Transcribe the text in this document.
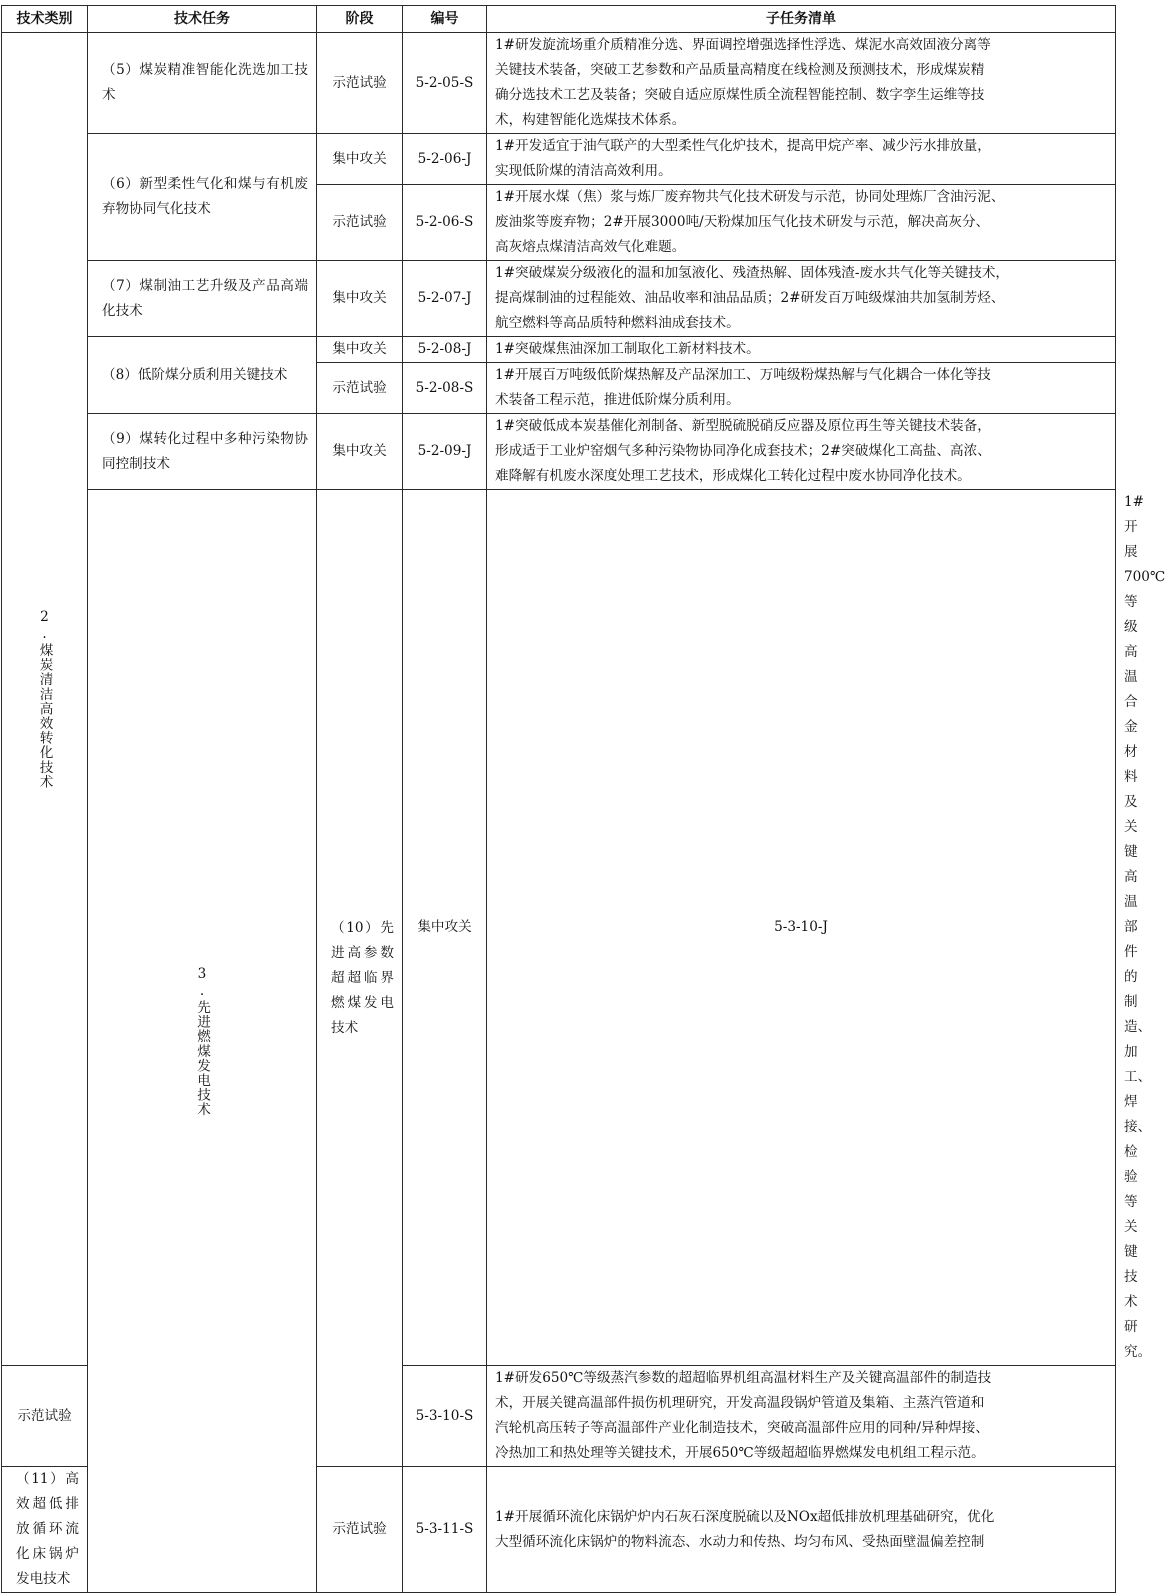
技术类别	技术任务	阶段	编号	子任务清单	

2.煤炭清洁高效转化技术	（5）煤炭精准智能化洗选加工技术	示范试验	5-2-05-S	1#研发旋流场重介质精准分选、界面调控增强选择性浮选、煤泥水高效固液分离等
关键技术装备，突破工艺参数和产品质量高精度在线检测及预测技术，形成煤炭精
确分选技术工艺及装备；突破自适应原煤性质全流程智能控制、数字孪生运维等技
术，构建智能化选煤技术体系。	

	（6）新型柔性气化和煤与有机废弃物协同气化技术	集中攻关	5-2-06-J	1#开发适宜于油气联产的大型柔性气化炉技术，提高甲烷产率、减少污水排放量，
实现低阶煤的清洁高效利用。	

		示范试验	5-2-06-S	1#开展水煤（焦）浆与炼厂废弃物共气化技术研发与示范，协同处理炼厂含油污泥、
废油浆等废弃物；2#开展3000吨/天粉煤加压气化技术研发与示范，解决高灰分、
高灰熔点煤清洁高效气化难题。	

	（7）煤制油工艺升级及产品高端化技术	集中攻关	5-2-07-J	1#突破煤炭分级液化的温和加氢液化、残渣热解、固体残渣-废水共气化等关键技术，
提高煤制油的过程能效、油品收率和油品品质；2#研发百万吨级煤油共加氢制芳烃、
航空燃料等高品质特种燃料油成套技术。	

	（8）低阶煤分质利用关键技术	集中攻关	5-2-08-J	1#突破煤焦油深加工制取化工新材料技术。	

		示范试验	5-2-08-S	1#开展百万吨级低阶煤热解及产品深加工、万吨级粉煤热解与气化耦合一体化等技
术装备工程示范，推进低阶煤分质利用。	

	（9）煤转化过程中多种污染物协同控制技术	集中攻关	5-2-09-J	1#突破低成本炭基催化剂制备、新型脱硫脱硝反应器及原位再生等关键技术装备，
形成适于工业炉窑烟气多种污染物协同净化成套技术；2#突破煤化工高盐、高浓、
难降解有机废水深度处理工艺技术，形成煤化工转化过程中废水协同净化技术。	

	3.先进燃煤发电技术	（10）先进高参数超超临界燃煤发电技术	集中攻关	5-3-10-J	1#开展700℃等级高温合金材料及关键高温部件的制造、加工、焊接、检验等关键
技术研究。

示范试验			5-3-10-S	1#研发650℃等级蒸汽参数的超超临界机组高温材料生产及关键高温部件的制造技
术，开展关键高温部件损伤机理研究，开发高温段锅炉管道及集箱、主蒸汽管道和
汽轮机高压转子等高温部件产业化制造技术，突破高温部件应用的同种/异种焊接、
冷热加工和热处理等关键技术，开展650℃等级超超临界燃煤发电机组工程示范。	

（11）高效超低排放循环流化床锅炉发电技术		示范试验	5-3-11-S	1#开展循环流化床锅炉炉内石灰石深度脱硫以及NOx超低排放机理基础研究，优化
大型循环流化床锅炉的物料流态、水动力和传热、均匀布风、受热面壁温偏差控制	
